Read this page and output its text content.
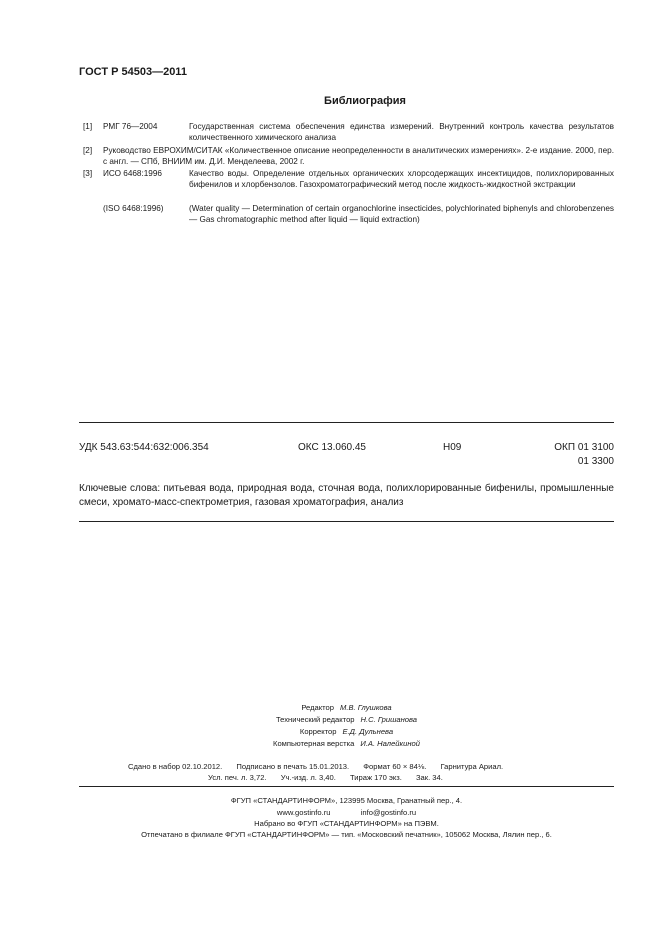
ГОСТ Р 54503—2011
Библиография
[1] РМГ 76—2004	Государственная система обеспечения единства измерений. Внутренний контроль качества результатов количественного химического анализа
[2] Руководство ЕВРОХИМ/СИТАК «Количественное описание неопределенности в аналитических измерениях». 2-е издание. 2000, пер. с англ. — СПб, ВНИИМ им. Д.И. Менделеева, 2002 г.
[3] ИСО 6468:1996	Качество воды. Определение отдельных органических хлорсодержащих инсектицидов, полихлорированных бифенилов и хлорбензолов. Газохроматографический метод после жидкость-жидкостной экстракции
(ISO 6468:1996)	(Water quality — Determination of certain organochlorine insecticides, polychlorinated biphenyls and chlorobenzenes — Gas chromatographic method after liquid — liquid extraction)
УДК 543.63:544:632:006.354	ОКС 13.060.45	Н09	ОКП 01 3100
01 3300
Ключевые слова: питьевая вода, природная вода, сточная вода, полихлорированные бифенилы, промышленные смеси, хромато-масс-спектрометрия, газовая хроматография, анализ
Редактор М.В. Глушкова
Технический редактор Н.С. Гришанова
Корректор Е.Д. Дульнева
Компьютерная верстка И.А. Налейкиной
Сдано в набор 02.10.2012. Подписано в печать 15.01.2013. Формат 60 × 84⅛. Гарнитура Ариал.
Усл. печ. л. 3,72. Уч.-изд. л. 3,40. Тираж 170 экз. Зак. 34.
ФГУП «СТАНДАРТИНФОРМ», 123995 Москва, Гранатный пер., 4.
www.gostinfo.ru	info@gostinfo.ru
Набрано во ФГУП «СТАНДАРТИНФОРМ» на ПЭВМ.
Отпечатано в филиале ФГУП «СТАНДАРТИНФОРМ» — тип. «Московский печатник», 105062 Москва, Лялин пер., 6.
